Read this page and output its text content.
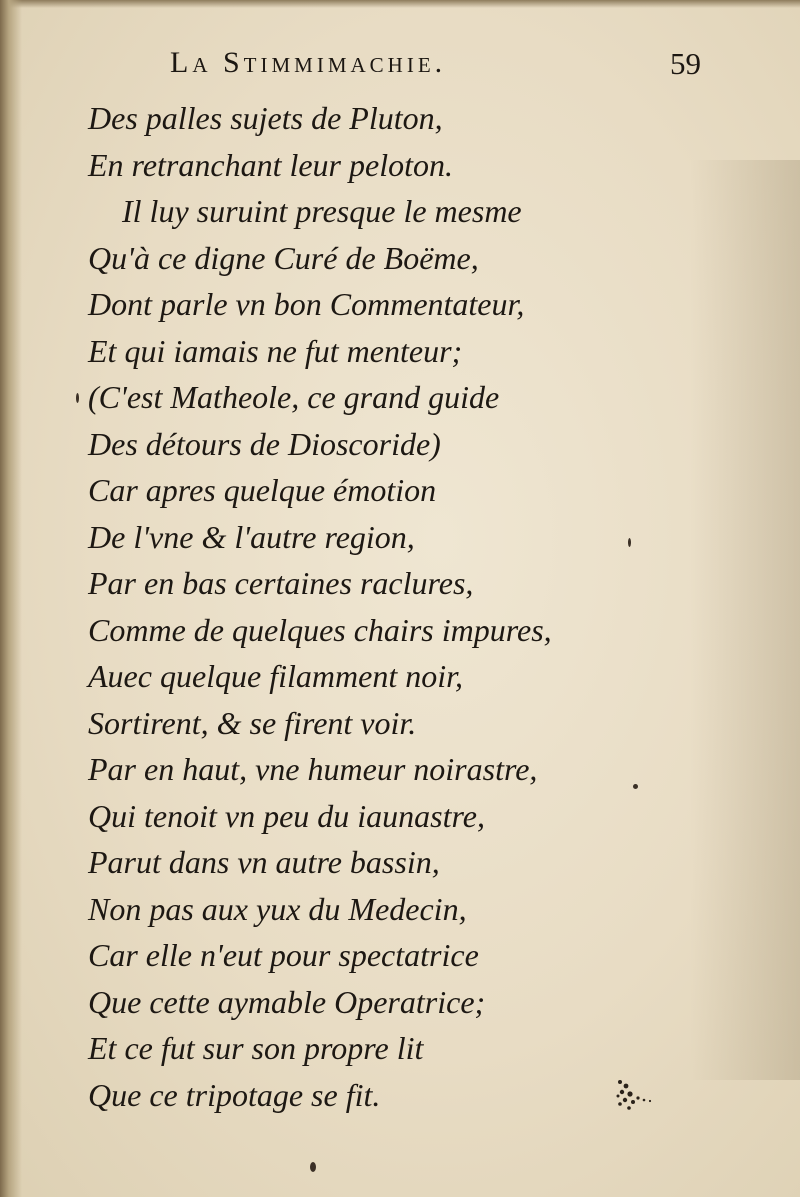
La Stimmimachie.	59
Des palles sujets de Pluton,
En retranchant leur peloton.
Il luy suruint presque le mesme
Qu'à ce digne Curé de Boëme,
Dont parle vn bon Commentateur,
Et qui iamais ne fut menteur;
(C'est Matheole, ce grand guide
Des détours de Dioscoride)
Car apres quelque émotion
De l'vne & l'autre region,
Par en bas certaines raclures,
Comme de quelques chairs impures,
Auec quelque filamment noir,
Sortirent, & se firent voir.
Par en haut, vne humeur noirastre,
Qui tenoit vn peu du iaunastre,
Parut dans vn autre bassin,
Non pas aux yux du Medecin,
Car elle n'eut pour spectatrice
Que cette aymable Operatrice;
Et ce fut sur son propre lit
Que ce tripotage se fit.
